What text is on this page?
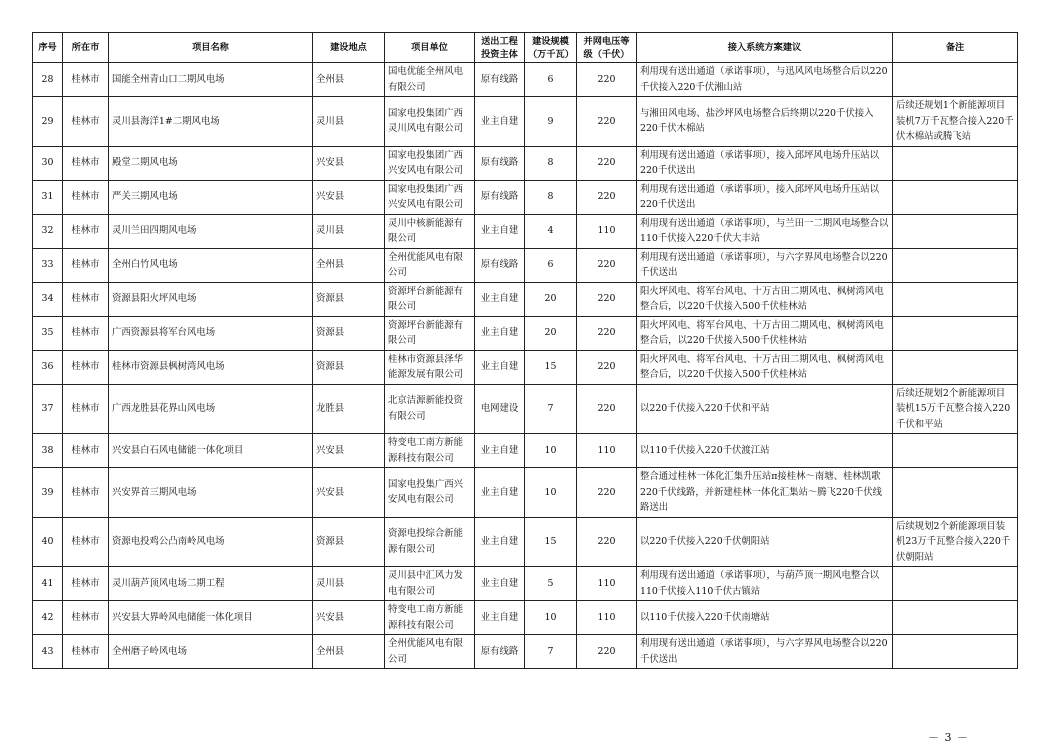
序号	所在市	项目名称	建设地点	项目单位	送出工程投资主体	建设规模（万千瓦）	并网电压等级（千伏）	接入系统方案建议	备注
28	桂林市	国能全州青山口二期风电场	全州县	国电优能全州风电有限公司	原有线路	6	220	利用现有送出通道（承诺事项），与迅风风电场整合后以220千伏接入220千伏湘山站	
29	桂林市	灵川县海洋1#二期风电场	灵川县	国家电投集团广西灵川风电有限公司	业主自建	9	220	与湘田风电场、盐沙坪风电场整合后终期以220千伏接入220千伏木棉站	后续还规划1个新能源项目装机7万千瓦整合接入220千伏木棉站或腾飞站
30	桂林市	殿堂二期风电场	兴安县	国家电投集团广西兴安风电有限公司	原有线路	8	220	利用现有送出通道（承诺事项），接入邱坪风电场升压站以220千伏送出	
31	桂林市	严关三期风电场	兴安县	国家电投集团广西兴安风电有限公司	原有线路	8	220	利用现有送出通道（承诺事项），接入邱坪风电场升压站以220千伏送出	
32	桂林市	灵川兰田四期风电场	灵川县	灵川中核新能源有限公司	业主自建	4	110	利用现有送出通道（承诺事项），与兰田一二期风电场整合以110千伏接入220千伏大丰站	
33	桂林市	全州白竹风电场	全州县	全州优能风电有限公司	原有线路	6	220	利用现有送出通道（承诺事项），与六字界风电场整合以220千伏送出	
34	桂林市	资源县阳火坪风电场	资源县	资源坪台新能源有限公司	业主自建	20	220	阳火坪风电、将军台风电、十万古田二期风电、枫树湾风电整合后，以220千伏接入500千伏桂林站	
35	桂林市	广西资源县将军台风电场	资源县	资源坪台新能源有限公司	业主自建	20	220	阳火坪风电、将军台风电、十万古田二期风电、枫树湾风电整合后，以220千伏接入500千伏桂林站	
36	桂林市	桂林市资源县枫树湾风电场	资源县	桂林市资源县泽华能源发展有限公司	业主自建	15	220	阳火坪风电、将军台风电、十万古田二期风电、枫树湾风电整合后，以220千伏接入500千伏桂林站	
37	桂林市	广西龙胜县花界山风电场	龙胜县	北京洁源新能投资有限公司	电网建设	7	220	以220千伏接入220千伏和平站	后续还规划2个新能源项目装机15万千瓦整合接入220千伏和平站
38	桂林市	兴安县白石风电储能一体化项目	兴安县	特变电工南方新能源科技有限公司	业主自建	10	110	以110千伏接入220千伏渡江站	
39	桂林市	兴安界首三期风电场	兴安县	国家电投集广西兴安风电有限公司	业主自建	10	220	整合通过桂林一体化汇集升压站π接桂林～南塘、桂林凯歌220千伏线路，并新建桂林一体化汇集站～腾飞220千伏线路送出	
40	桂林市	资源电投鸡公凸南岭风电场	资源县	资源电投综合新能源有限公司	业主自建	15	220	以220千伏接入220千伏朝阳站	后续规划2个新能源项目装机23万千瓦整合接入220千伏朝阳站
41	桂林市	灵川葫芦顶风电场二期工程	灵川县	灵川县中汇风力发电有限公司	业主自建	5	110	利用现有送出通道（承诺事项），与葫芦顶一期风电整合以110千伏接入110千伏古镇站	
42	桂林市	兴安县大界岭风电储能一体化项目	兴安县	特变电工南方新能源科技有限公司	业主自建	10	110	以110千伏接入220千伏南塘站	
43	桂林市	全州磨子岭风电场	全州县	全州优能风电有限公司	原有线路	7	220	利用现有送出通道（承诺事项），与六字界风电场整合以220千伏送出	
－ 3 －
